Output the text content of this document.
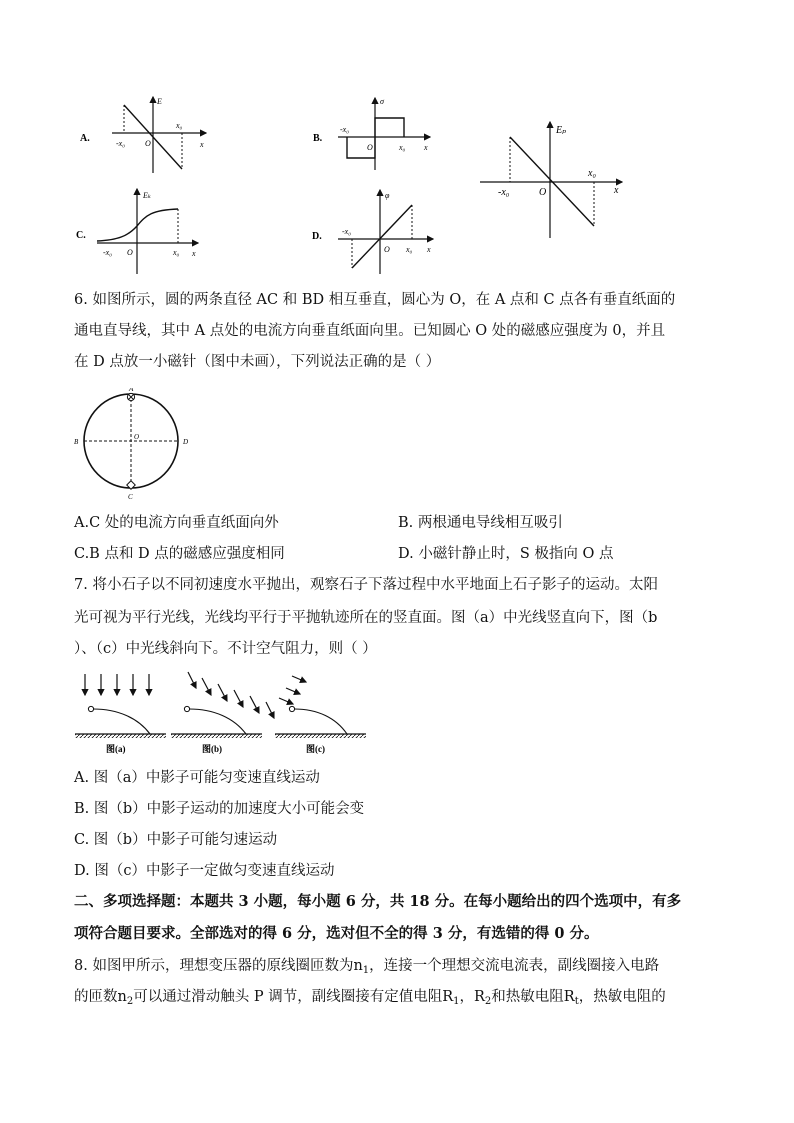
A.
E
-x₀
x₀
O	x
B.
σ
-x₀
x₀
O	x
Eₚ
-x₀
x₀
O	x
C.
Eₖ
-x₀	x₀
O	x
D.
φ
-x₀
x₀
O	x
6. 如图所示，圆的两条直径 AC 和 BD 相互垂直，圆心为 O，在 A 点和 C 点各有垂直纸面的
通电直导线，其中 A 点处的电流方向垂直纸面向里。已知圆心 O 处的磁感应强度为 0，并且
在 D 点放一小磁针（图中未画），下列说法正确的是（ ）
A
B
C
D
O
A.C 处的电流方向垂直纸面向外	B. 两根通电导线相互吸引
C.B 点和 D 点的磁感应强度相同	D. 小磁针静止时，S 极指向 O 点
7. 将小石子以不同初速度水平抛出，观察石子下落过程中水平地面上石子影子的运动。太阳
光可视为平行光线，光线均平行于平抛轨迹所在的竖直面。图（a）中光线竖直向下，图（b
）、（c）中光线斜向下。不计空气阻力，则（ ）
图(a)	图(b)	图(c)
A. 图（a）中影子可能匀变速直线运动
B. 图（b）中影子运动的加速度大小可能会变
C. 图（b）中影子可能匀速运动
D. 图（c）中影子一定做匀变速直线运动
二、多项选择题：本题共 3 小题，每小题 6 分，共 18 分。在每小题给出的四个选项中，有多
项符合题目要求。全部选对的得 6 分，选对但不全的得 3 分，有选错的得 0 分。
8. 如图甲所示，理想变压器的原线圈匝数为$n_1$，连接一个理想交流电流表，副线圈接入电路
的匝数$n_2$可以通过滑动触头 P 调节，副线圈接有定值电阻$R_1$，$R_2$和热敏电阻$R_t$，热敏电阻的
